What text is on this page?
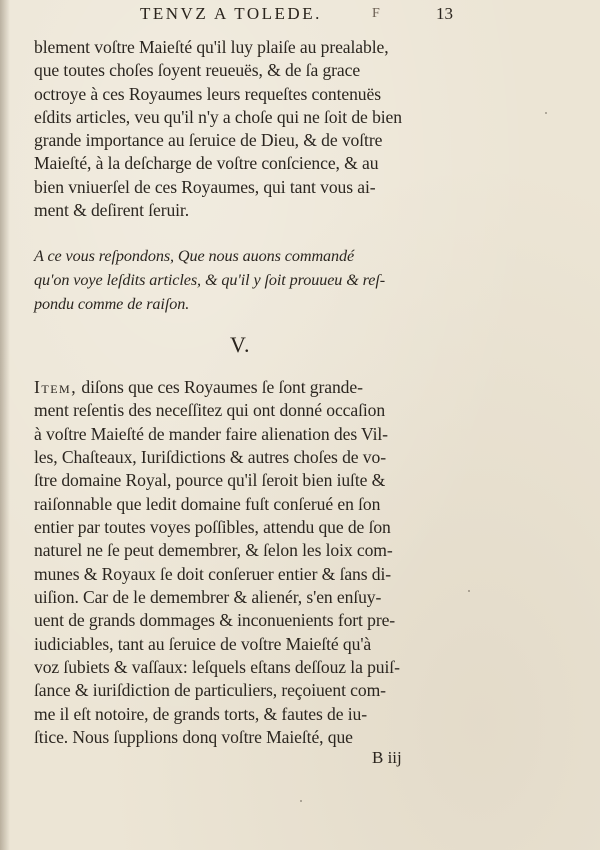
TENVZ A TOLEDE.	F	13
blement voſtre Maieſté qu'il luy plaiſe au prealable,
que toutes choſes ſoyent reueuës, & de ſa grace
octroye à ces Royaumes leurs requeſtes contenuës
eſdits articles, veu qu'il n'y a choſe qui ne ſoit de bien
grande importance au ſeruice de Dieu, & de voſtre
Maieſté, à la deſcharge de voſtre conſcience, & au
bien vniuerſel de ces Royaumes, qui tant vous ai-
ment & deſirent ſeruir.
A ce vous reſpondons, Que nous auons commandé
qu'on voye leſdits articles, & qu'il y ſoit prouueu & reſ-
pondu comme de raiſon.
V.
Item, diſons que ces Royaumes ſe ſont grande-
ment reſentis des neceſſitez qui ont donné occaſion
à voſtre Maieſté de mander faire alienation des Vil-
les, Chaſteaux, Iuriſdictions & autres choſes de vo-
ſtre domaine Royal, pource qu'il ſeroit bien iuſte &
raiſonnable que ledit domaine fuſt conſerué en ſon
entier par toutes voyes poſſibles, attendu que de ſon
naturel ne ſe peut demembrer, & ſelon les loix com-
munes & Royaux ſe doit conſeruer entier & ſans di-
uiſion. Car de le demembrer & alienér, s'en enſuy-
uent de grands dommages & inconuenients fort pre-
iudiciables, tant au ſeruice de voſtre Maieſté qu'à
voz ſubiets & vaſſaux: leſquels eſtans deſſouz la puiſ-
ſance & iuriſdiction de particuliers, reçoiuent com-
me il eſt notoire, de grands torts, & fautes de iu-
ſtice. Nous ſupplions donq voſtre Maieſté, que
B iij
